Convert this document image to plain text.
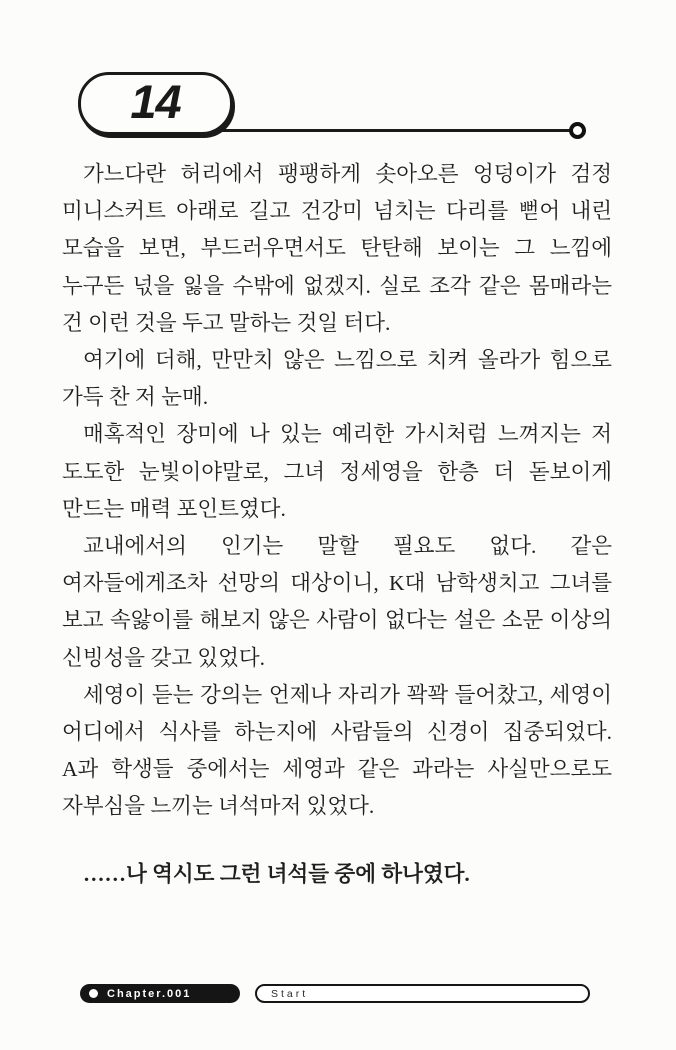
14

가느다란 허리에서 팽팽하게 솟아오른 엉덩이가 검정 미니스커트 아래로 길고 건강미 넘치는 다리를 뻗어 내린 모습을 보면, 부드러우면서도 탄탄해 보이는 그 느낌에 누구든 넋을 잃을 수밖에 없겠지. 실로 조각 같은 몸매라는 건 이런 것을 두고 말하는 것일 터다.

여기에 더해, 만만치 않은 느낌으로 치켜 올라가 힘으로 가득 찬 저 눈매.

매혹적인 장미에 나 있는 예리한 가시처럼 느껴지는 저 도도한 눈빛이야말로, 그녀 정세영을 한층 더 돋보이게 만드는 매력 포인트였다.

교내에서의 인기는 말할 필요도 없다. 같은 여자들에게조차 선망의 대상이니, K대 남학생치고 그녀를 보고 속앓이를 해보지 않은 사람이 없다는 설은 소문 이상의 신빙성을 갖고 있었다.

세영이 듣는 강의는 언제나 자리가 꽉꽉 들어찼고, 세영이 어디에서 식사를 하는지에 사람들의 신경이 집중되었다. A과 학생들 중에서는 세영과 같은 과라는 사실만으로도 자부심을 느끼는 녀석마저 있었다.

……나 역시도 그런 녀석들 중에 하나였다.

Chapter.001	Start
